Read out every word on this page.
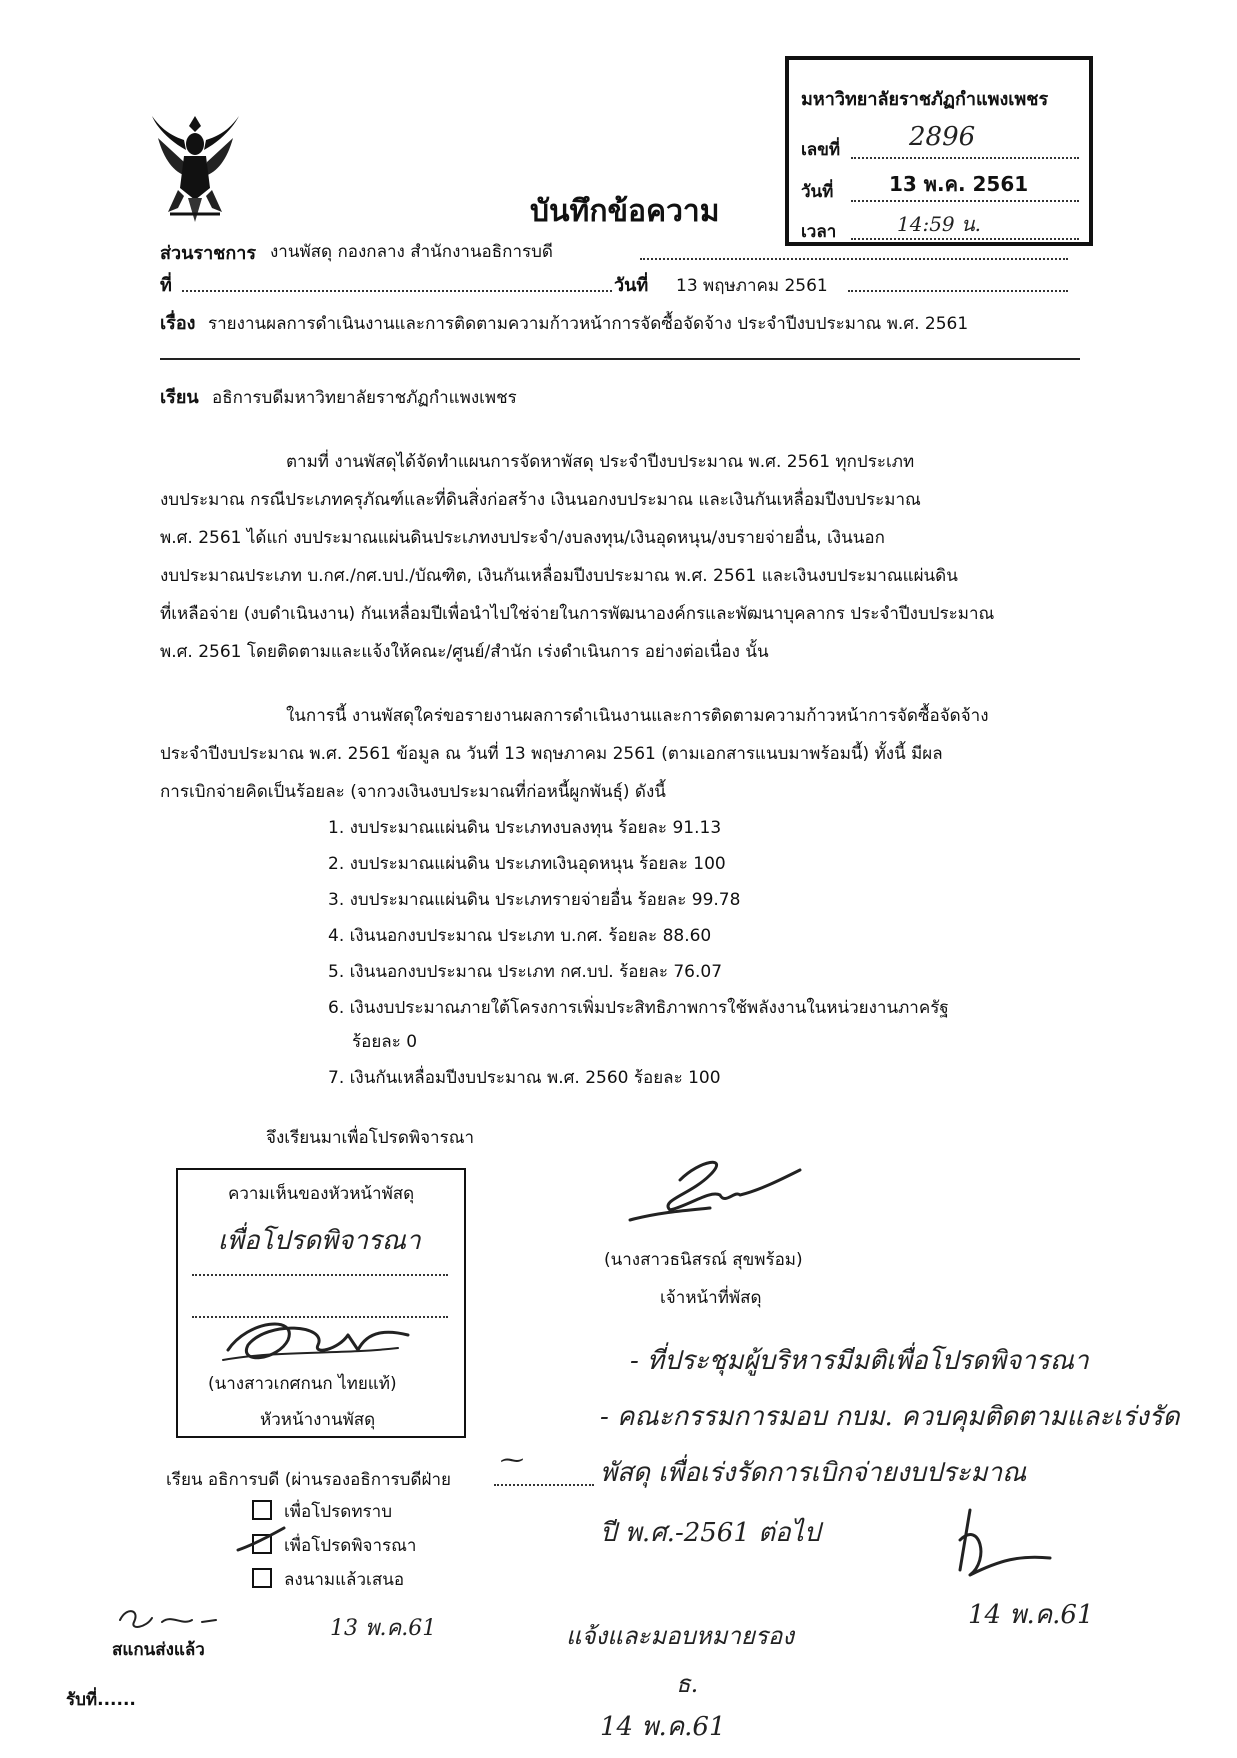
มหาวิทยาลัยราชภัฏกำแพงเพชร
เลขที่	2896
วันที่	13 พ.ค. 2561
เวลา	14:59 น.
บันทึกข้อความ
ส่วนราชการ งานพัสดุ กองกลาง สำนักงานอธิการบดี
ที่	วันที่ 13 พฤษภาคม 2561
เรื่อง รายงานผลการดำเนินงานและการติดตามความก้าวหน้าการจัดซื้อจัดจ้าง ประจำปีงบประมาณ พ.ศ. 2561
เรียน อธิการบดีมหาวิทยาลัยราชภัฏกำแพงเพชร
ตามที่ งานพัสดุได้จัดทำแผนการจัดหาพัสดุ ประจำปีงบประมาณ พ.ศ. 2561 ทุกประเภท
งบประมาณ กรณีประเภทครุภัณฑ์และที่ดินสิ่งก่อสร้าง เงินนอกงบประมาณ และเงินกันเหลื่อมปีงบประมาณ
พ.ศ. 2561 ได้แก่ งบประมาณแผ่นดินประเภทงบประจำ/งบลงทุน/เงินอุดหนุน/งบรายจ่ายอื่น, เงินนอก
งบประมาณประเภท บ.กศ./กศ.บป./บัณฑิต, เงินกันเหลื่อมปีงบประมาณ พ.ศ. 2561 และเงินงบประมาณแผ่นดิน
ที่เหลือจ่าย (งบดำเนินงาน) กันเหลื่อมปีเพื่อนำไปใช่จ่ายในการพัฒนาองค์กรและพัฒนาบุคลากร ประจำปีงบประมาณ
พ.ศ. 2561 โดยติดตามและแจ้งให้คณะ/ศูนย์/สำนัก เร่งดำเนินการ อย่างต่อเนื่อง นั้น
ในการนี้ งานพัสดุใคร่ขอรายงานผลการดำเนินงานและการติดตามความก้าวหน้าการจัดซื้อจัดจ้าง
ประจำปีงบประมาณ พ.ศ. 2561 ข้อมูล ณ วันที่ 13 พฤษภาคม 2561 (ตามเอกสารแนบมาพร้อมนี้) ทั้งนี้ มีผล
การเบิกจ่ายคิดเป็นร้อยละ (จากวงเงินงบประมาณที่ก่อหนี้ผูกพันธุ์) ดังนี้
1. งบประมาณแผ่นดิน ประเภทงบลงทุน ร้อยละ 91.13
2. งบประมาณแผ่นดิน ประเภทเงินอุดหนุน ร้อยละ 100
3. งบประมาณแผ่นดิน ประเภทรายจ่ายอื่น ร้อยละ 99.78
4. เงินนอกงบประมาณ ประเภท บ.กศ. ร้อยละ 88.60
5. เงินนอกงบประมาณ ประเภท กศ.บป. ร้อยละ 76.07
6. เงินงบประมาณภายใต้โครงการเพิ่มประสิทธิภาพการใช้พลังงานในหน่วยงานภาครัฐ
ร้อยละ 0
7. เงินกันเหลื่อมปีงบประมาณ พ.ศ. 2560 ร้อยละ 100
จึงเรียนมาเพื่อโปรดพิจารณา
ความเห็นของหัวหน้าพัสดุ
เพื่อโปรดพิจารณา
(นางสาวเกศกนก ไทยแท้)
หัวหน้างานพัสดุ
(นางสาวธนิสรณ์ สุขพร้อม)
เจ้าหน้าที่พัสดุ
- ที่ประชุมผู้บริหารมีมติเพื่อโปรดพิจารณา
- คณะกรรมการมอบ กบม. ควบคุมติดตามและเร่งรัด
พัสดุ เพื่อเร่งรัดการเบิกจ่ายงบประมาณ
ปี พ.ศ.-2561 ต่อไป
14 พ.ค.61
แจ้งและมอบหมายรอง
ธ.
14 พ.ค.61
เรียน อธิการบดี (ผ่านรองอธิการบดีฝ่าย
⁓
เพื่อโปรดทราบ
เพื่อโปรดพิจารณา
ลงนามแล้วเสนอ
13 พ.ค.61
สแกนส่งแล้ว
รับที่......
